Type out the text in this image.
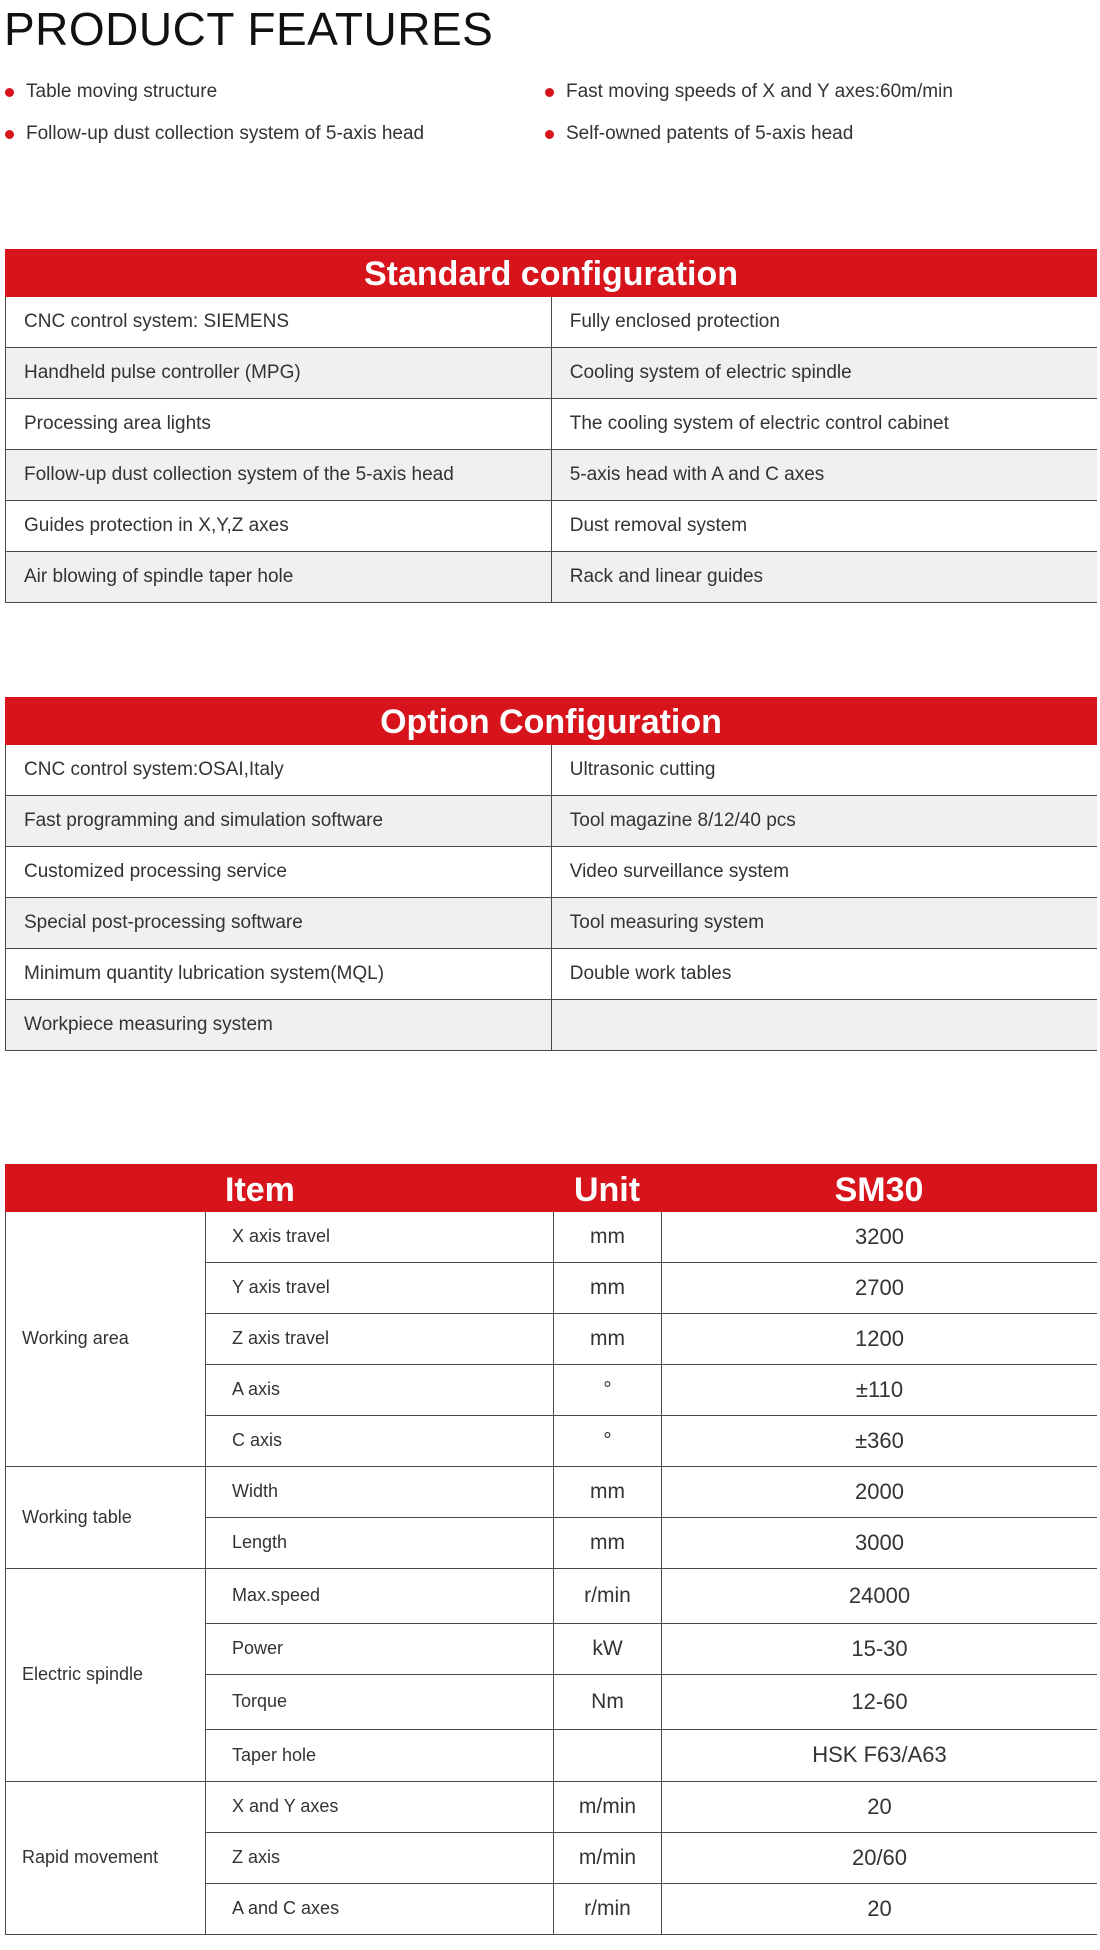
PRODUCT FEATURES
Table moving structure	Fast moving speeds of X and Y axes:60m/min
Follow-up dust collection system of 5-axis head	Self-owned patents of 5-axis head
Standard configuration
CNC control system: SIEMENS	Fully enclosed protection
Handheld pulse controller (MPG)	Cooling system of electric spindle
Processing area lights	The cooling system of electric control cabinet
Follow-up dust collection system of the 5-axis head	5-axis head with A and C axes
Guides protection in X,Y,Z axes	Dust removal system
Air blowing of spindle taper hole	Rack and linear guides
Option Configuration
CNC control system:OSAI,Italy	Ultrasonic cutting
Fast programming and simulation software	Tool magazine 8/12/40 pcs
Customized processing service	Video surveillance system
Special post-processing software	Tool measuring system
Minimum quantity lubrication system(MQL)	Double work tables
Workpiece measuring system	
Item	Unit	SM30
Working area	X axis travel	mm	3200
	Y axis travel	mm	2700
	Z axis travel	mm	1200
	A axis	°	±110
	C axis	°	±360
Working table	Width	mm	2000
	Length	mm	3000
Electric spindle	Max.speed	r/min	24000
	Power	kW	15-30
	Torque	Nm	12-60
	Taper hole		HSK F63/A63
Rapid movement	X and Y axes	m/min	20
	Z axis	m/min	20/60
	A and C axes	r/min	20
